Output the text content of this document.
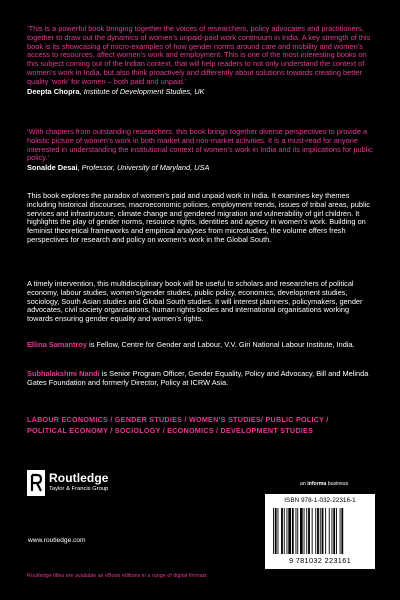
‘This is a powerful book bringing together the voices of researchers, policy advocates and practitioners, together to draw out the dynamics of women’s unpaid-paid work continuum in India. A key strength of this book is its showcasing of micro-examples of how gender norms around care and mobility and women’s access to resources, affect women’s work and employment. This is one of the most interesting books on this subject coming out of the Indian context, that will help readers to not only understand the context of women’s work in India, but also think proactively and differently about solutions towards creating better quality ‘work’ for women – both paid and unpaid.’

Deepta Chopra, Institute of Development Studies, UK

‘With chapters from outstanding researchers, this book brings together diverse perspectives to provide a holistic picture of women’s work in both market and non-market activities. It is a must-read for anyone interested in understanding the institutional context of women’s work in India and its implications for public policy.’

Sonalde Desai, Professor, University of Maryland, USA

This book explores the paradox of women’s paid and unpaid work in India. It examines key themes including historical discourses, macroeconomic policies, employment trends, issues of tribal areas, public services and infrastructure, climate change and gendered migration and vulnerability of girl children. It highlights the play of gender norms, resource rights, identities and agency in women’s work. Building on feminist theoretical frameworks and empirical analyses from microstudies, the volume offers fresh perspectives for research and policy on women’s work in the Global South.

A timely intervention, this multidisciplinary book will be useful to scholars and researchers of political economy, labour studies, women’s/gender studies, public policy, economics, development studies, sociology, South Asian studies and Global South studies. It will interest planners, policymakers, gender advocates, civil society organisations, human rights bodies and international organisations working towards ensuring gender equality and women’s rights.

Ellina Samantroy is Fellow, Centre for Gender and Labour, V.V. Giri National Labour Institute, India.

Subhalakshmi Nandi is Senior Program Officer, Gender Equality, Policy and Advocacy, Bill and Melinda Gates Foundation and formerly Director, Policy at ICRW Asia.

LABOUR ECONOMICS / GENDER STUDIES / WOMEN’S STUDIES/ PUBLIC POLICY /
POLITICAL ECONOMY / SOCIOLOGY / ECONOMICS / DEVELOPMENT STUDIES
Routledge
Taylor & Francis Group
www.routledge.com
an informa business
ISBN 978-1-032-22316-1
9 781032 223161
Routledge titles are available as eBook editions in a range of digital formats
